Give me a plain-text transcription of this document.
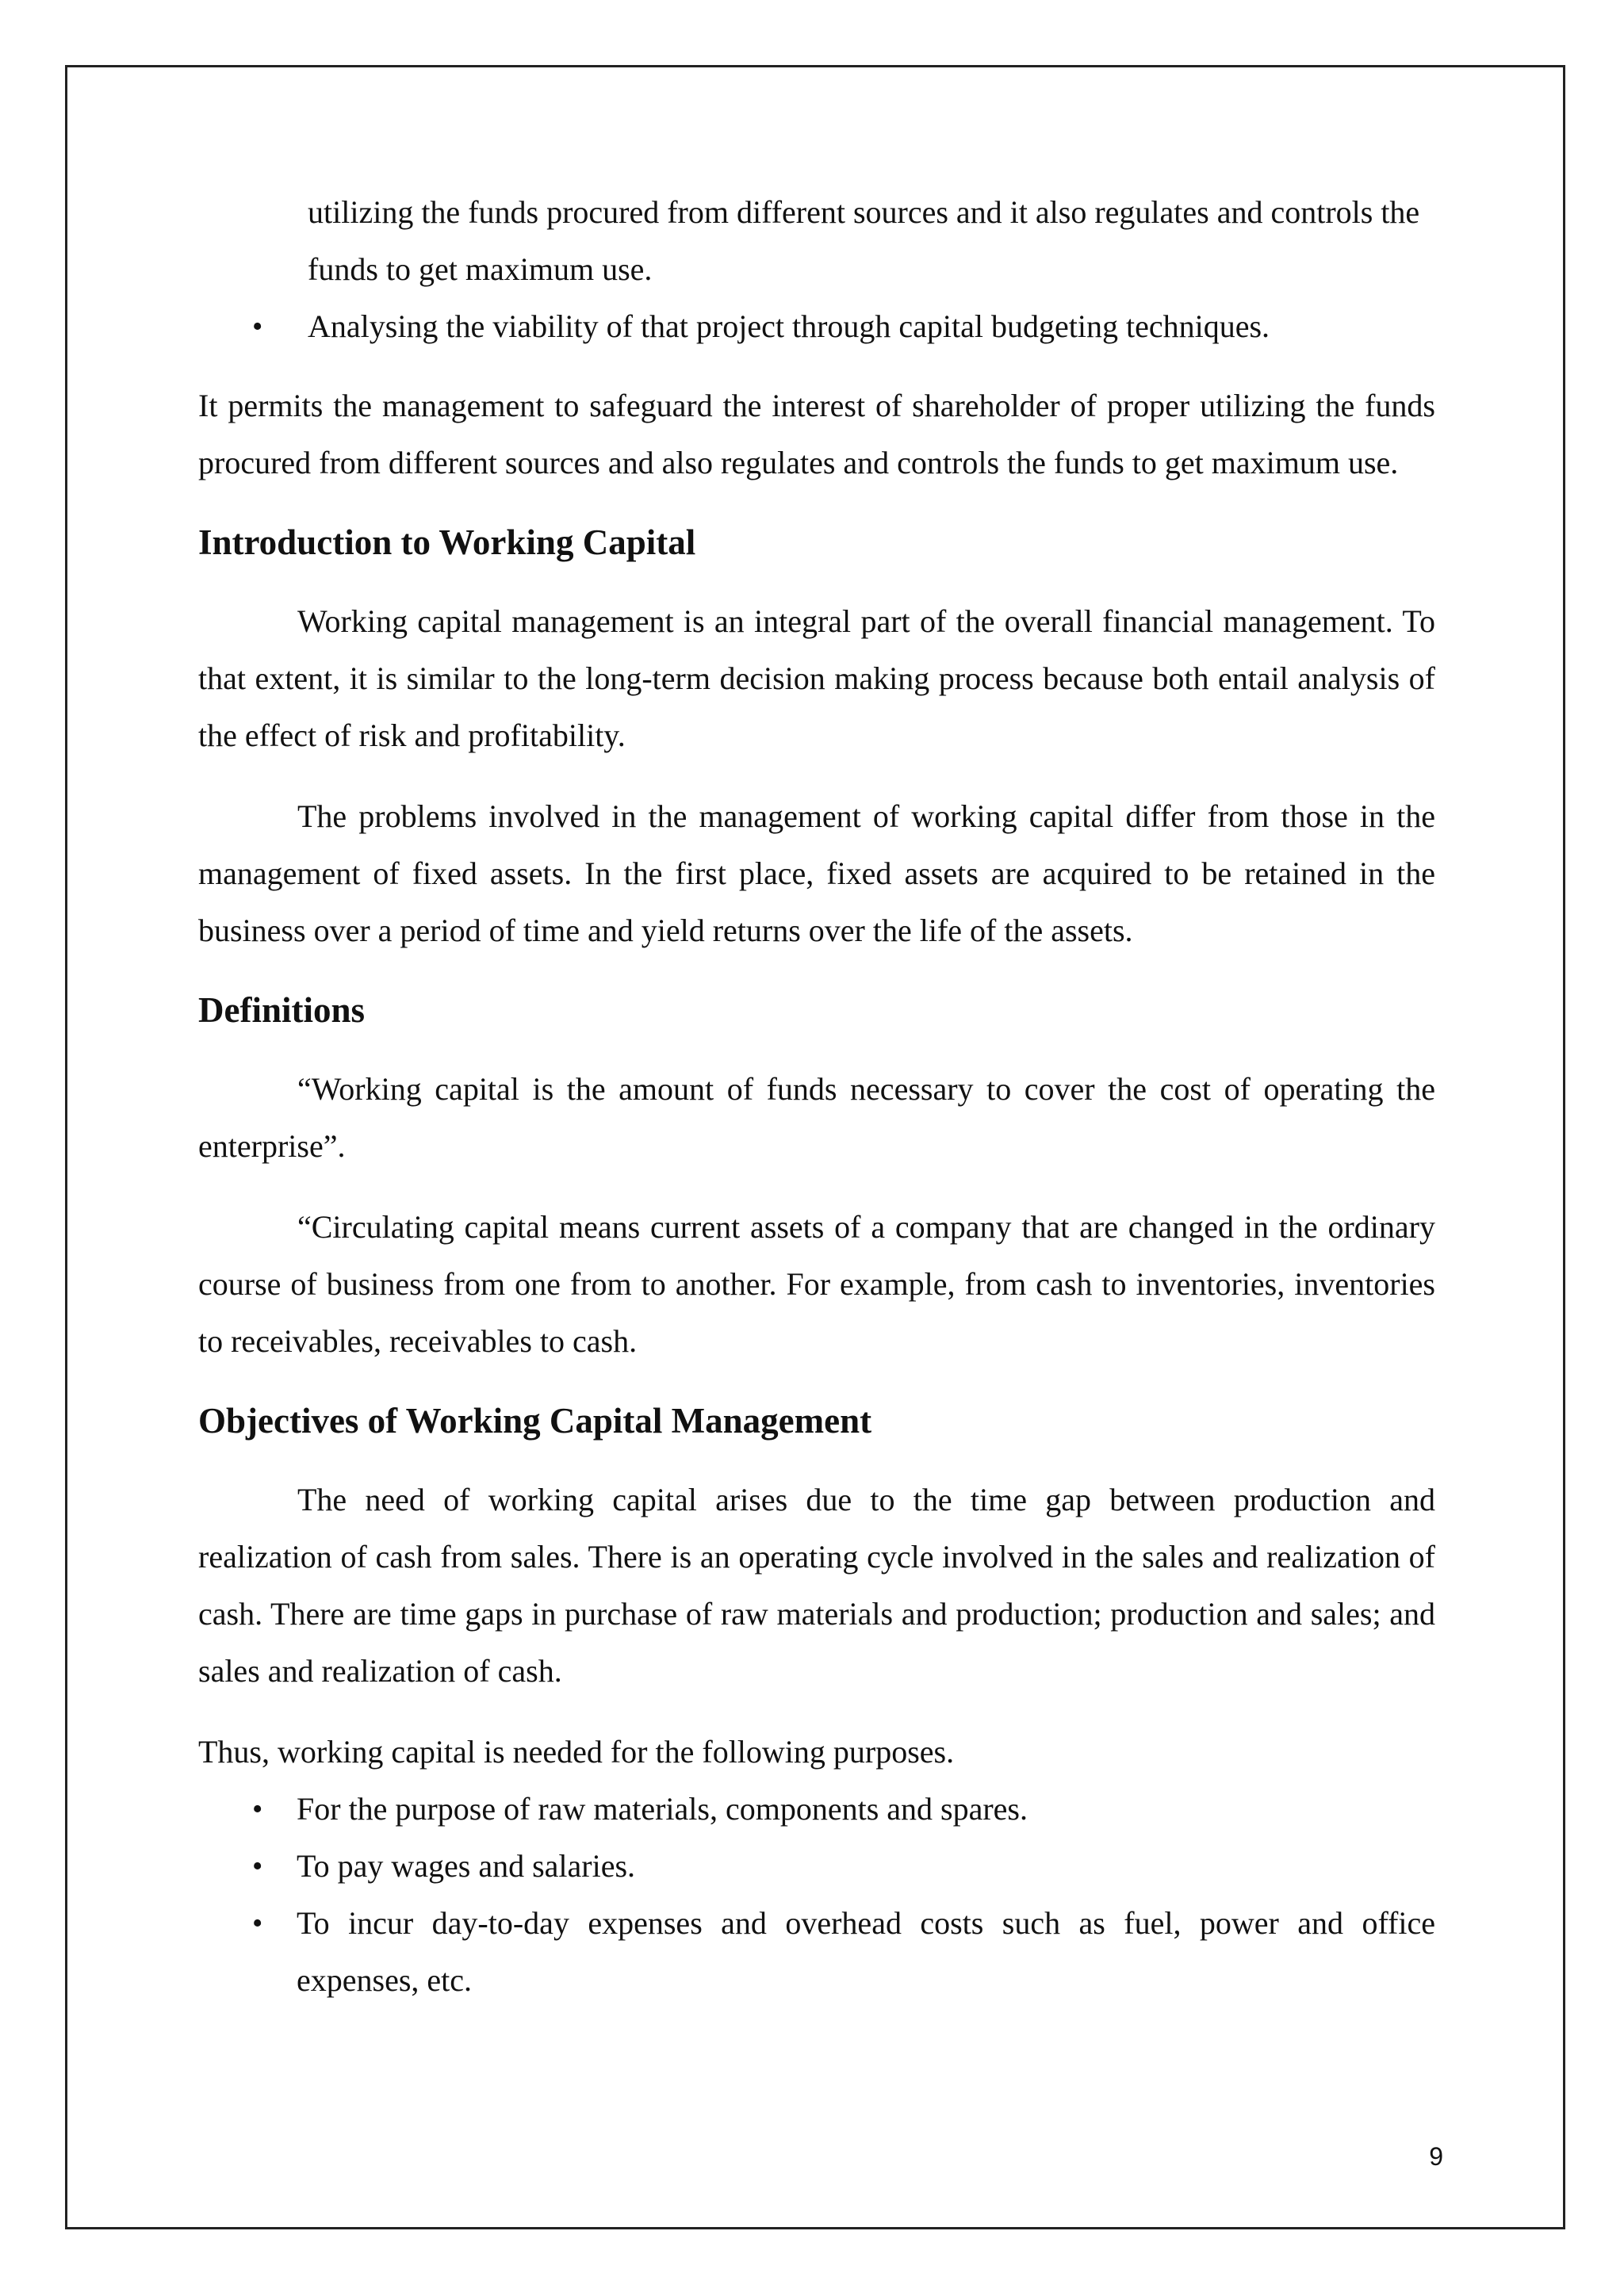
utilizing the funds procured from different sources and it also regulates and controls the funds to get maximum use.

• Analysing the viability of that project through capital budgeting techniques.

It permits the management to safeguard the interest of shareholder of proper utilizing the funds procured from different sources and also regulates and controls the funds to get maximum use.

Introduction to Working Capital

Working capital management is an integral part of the overall financial management. To that extent, it is similar to the long-term decision making process because both entail analysis of the effect of risk and profitability.

The problems involved in the management of working capital differ from those in the management of fixed assets. In the first place, fixed assets are acquired to be retained in the business over a period of time and yield returns over the life of the assets.

Definitions

“Working capital is the amount of funds necessary to cover the cost of operating the enterprise”.

“Circulating capital means current assets of a company that are changed in the ordinary course of business from one from to another. For example, from cash to inventories, inventories to receivables, receivables to cash.

Objectives of Working Capital Management

The need of working capital arises due to the time gap between production and realization of cash from sales. There is an operating cycle involved in the sales and realization of cash. There are time gaps in purchase of raw materials and production; production and sales; and sales and realization of cash.

Thus, working capital is needed for the following purposes.

• For the purpose of raw materials, components and spares.
• To pay wages and salaries.
• To incur day-to-day expenses and overhead costs such as fuel, power and office expenses, etc.
9
